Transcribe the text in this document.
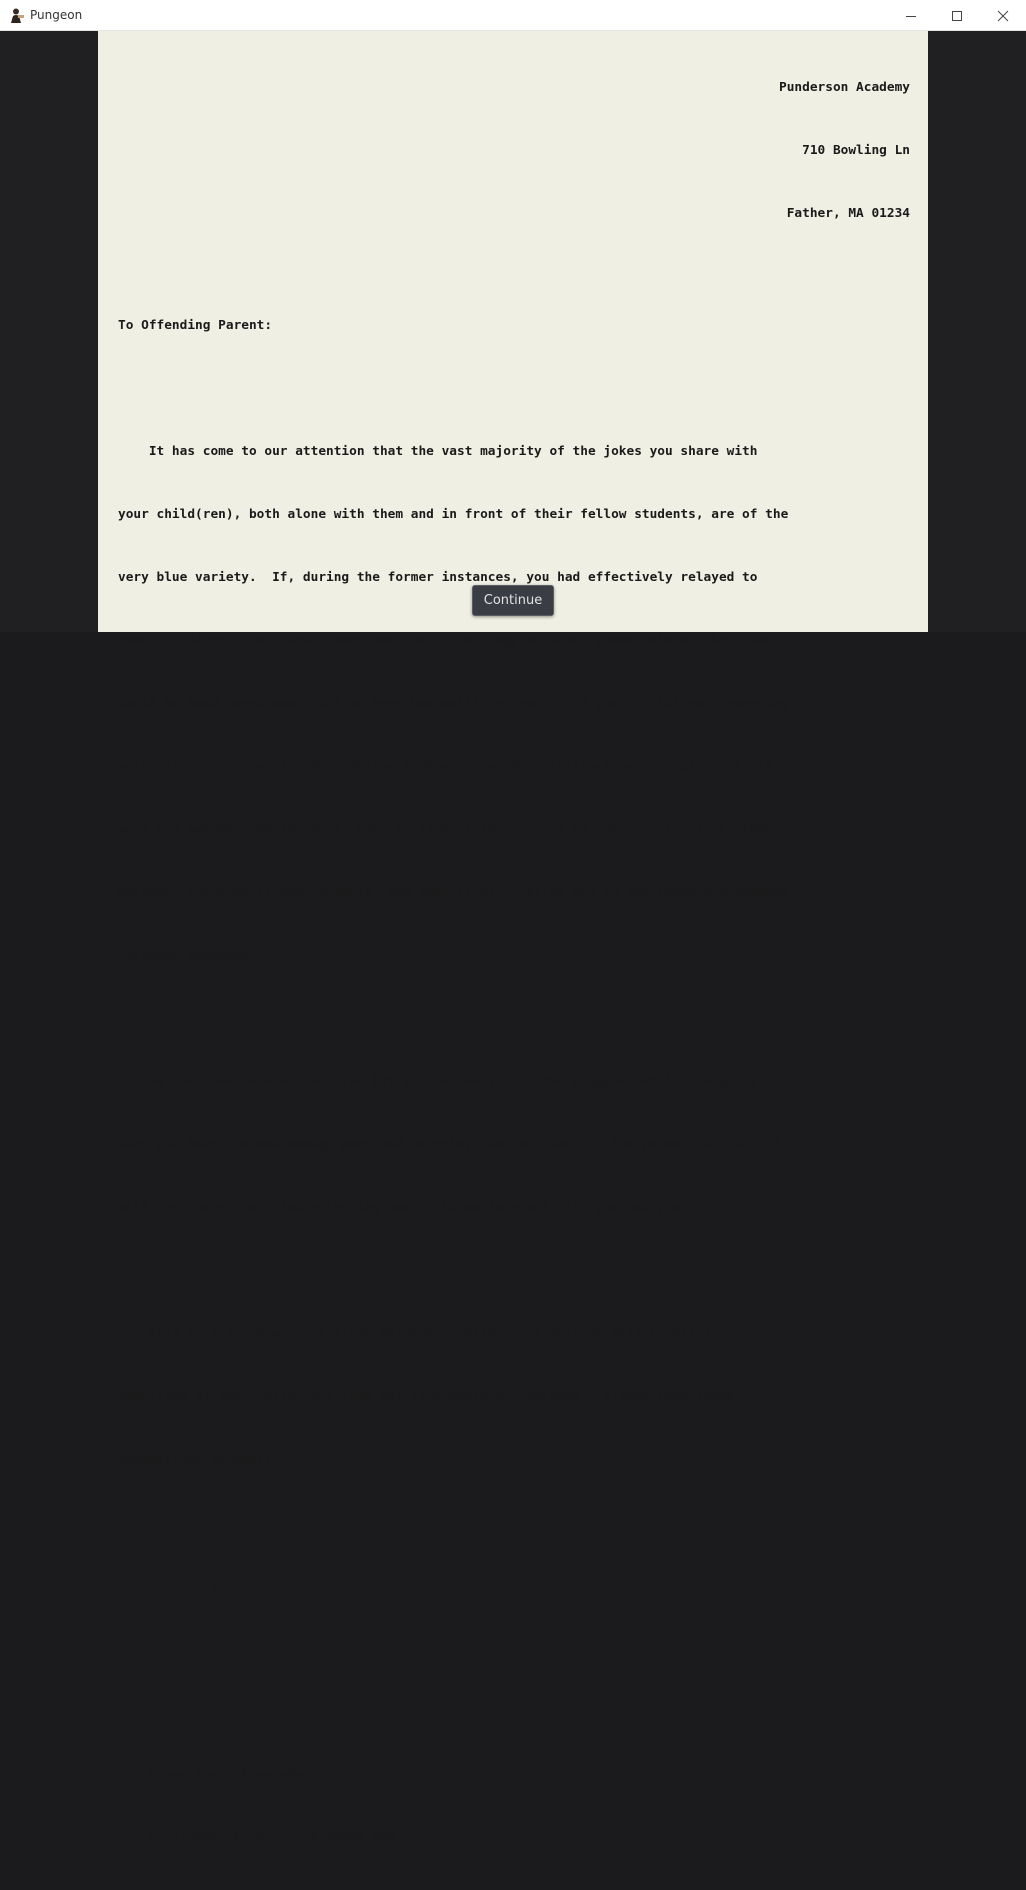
Pungeon

Punderson Academy

710 Bowling Ln

Father, MA 01234

To Offending Parent:

It has come to our attention that the vast majority of the jokes you share with

your child(ren), both alone with them and in front of their fellow students, are of the

very blue variety.  If, during the former instances, you had effectively relayed to

your child(ren) that these jokes were not school appropriate, jokes told at that time

could be hand waved away. But we have had multiple reports of your child(ren) repeating

said off-color jokes to their fellow students, so those instructions, if given at all,

were not heeded.  Furthermore, your telling of these sorts of jokes in front of other

parents' children is unacceptable, and specifically called out in the Punderson Academy

Parental Handbook.

As such, we have no recourse but to confine you to the Pungeon until such point

that you have learned enough puns and wordplay that we, your fellow parents of the PTA,

will feel more comfortable letting our children interact with you and yours.

This will serve as your final warning.  Further infractions will result in

expulsion of your child(ren) from our fine house of learning.  Please take these

suggestions to heart.

Sincerely,

Susan Fouryaksandadog

President, Punderson Academy PTA

Continue
